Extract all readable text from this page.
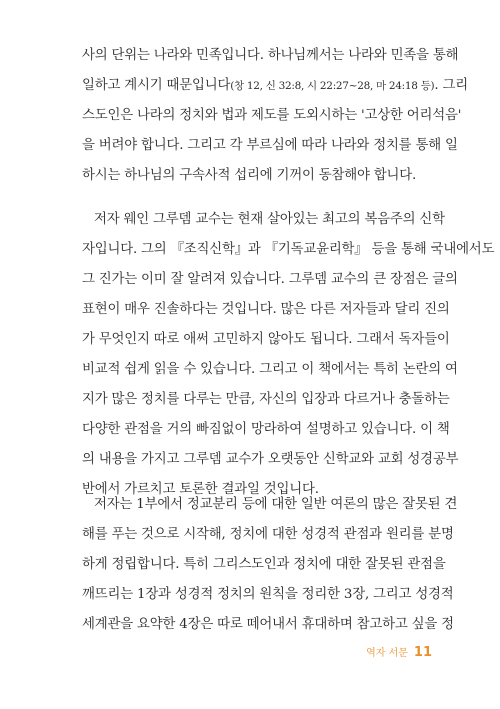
사의 단위는 나라와 민족입니다. 하나님께서는 나라와 민족을 통해
일하고 계시기 때문입니다(창 12, 신 32:8, 시 22:27~28, 마 24:18 등). 그리
스도인은 나라의 정치와 법과 제도를 도외시하는 '고상한 어리석음'
을 버려야 합니다. 그리고 각 부르심에 따라 나라와 정치를 통해 일
하시는 하나님의 구속사적 섭리에 기꺼이 동참해야 합니다.
저자 웨인 그루뎀 교수는 현재 살아있는 최고의 복음주의 신학
자입니다. 그의 『조직신학』과 『기독교윤리학』 등을 통해 국내에서도
그 진가는 이미 잘 알려져 있습니다. 그루뎀 교수의 큰 장점은 글의
표현이 매우 진솔하다는 것입니다. 많은 다른 저자들과 달리 진의
가 무엇인지 따로 애써 고민하지 않아도 됩니다. 그래서 독자들이
비교적 쉽게 읽을 수 있습니다. 그리고 이 책에서는 특히 논란의 여
지가 많은 정치를 다루는 만큼, 자신의 입장과 다르거나 충돌하는
다양한 관점을 거의 빠짐없이 망라하여 설명하고 있습니다. 이 책
의 내용을 가지고 그루뎀 교수가 오랫동안 신학교와 교회 성경공부
반에서 가르치고 토론한 결과일 것입니다.
저자는 1부에서 정교분리 등에 대한 일반 여론의 많은 잘못된 견
해를 푸는 것으로 시작해, 정치에 대한 성경적 관점과 원리를 분명
하게 정립합니다. 특히 그리스도인과 정치에 대한 잘못된 관점을
깨뜨리는 1장과 성경적 정치의 원칙을 정리한 3장, 그리고 성경적
세계관을 요약한 4장은 따로 떼어내서 휴대하며 참고하고 싶을 정
역자 서문 11
